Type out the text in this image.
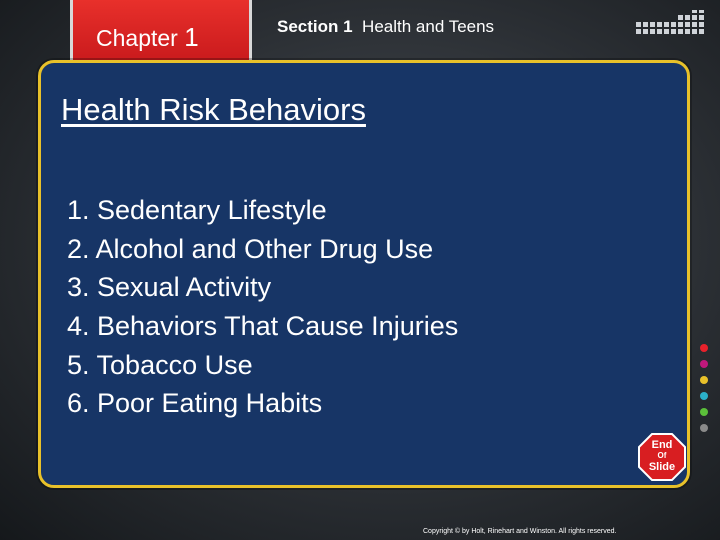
Chapter 1	Section 1 Health and Teens
Health Risk Behaviors
1. Sedentary Lifestyle
2. Alcohol and Other Drug Use
3. Sexual Activity
4. Behaviors That Cause Injuries
5. Tobacco Use
6. Poor Eating Habits
End
Of
Slide
Copyright © by Holt, Rinehart and Winston. All rights reserved.
